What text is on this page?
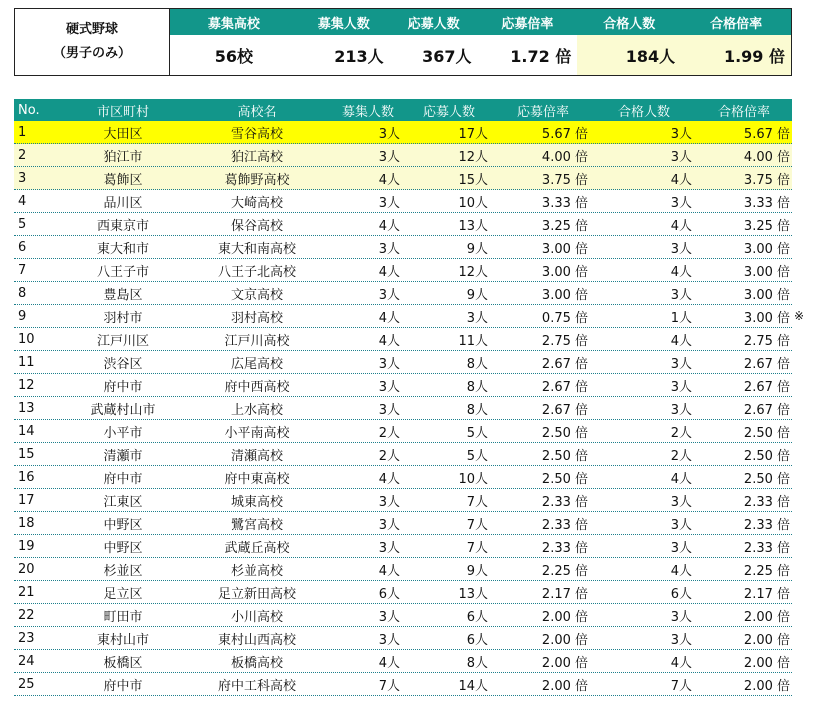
硬式野球
（男子のみ）
募集高校	募集人数	応募人数	応募倍率	合格人数	合格倍率
56校	213人	367人	1.72 倍	184人	1.99 倍
No.	市区町村	高校名	募集人数	応募人数	応募倍率	合格人数	合格倍率
1	大田区	雪谷高校	3人	17人	5.67 倍	3人	5.67 倍
2	狛江市	狛江高校	3人	12人	4.00 倍	3人	4.00 倍
3	葛飾区	葛飾野高校	4人	15人	3.75 倍	4人	3.75 倍
4	品川区	大崎高校	3人	10人	3.33 倍	3人	3.33 倍
5	西東京市	保谷高校	4人	13人	3.25 倍	4人	3.25 倍
6	東大和市	東大和南高校	3人	9人	3.00 倍	3人	3.00 倍
7	八王子市	八王子北高校	4人	12人	3.00 倍	4人	3.00 倍
8	豊島区	文京高校	3人	9人	3.00 倍	3人	3.00 倍
9	羽村市	羽村高校	4人	3人	0.75 倍	1人	3.00 倍
10	江戸川区	江戸川高校	4人	11人	2.75 倍	4人	2.75 倍
11	渋谷区	広尾高校	3人	8人	2.67 倍	3人	2.67 倍
12	府中市	府中西高校	3人	8人	2.67 倍	3人	2.67 倍
13	武蔵村山市	上水高校	3人	8人	2.67 倍	3人	2.67 倍
14	小平市	小平南高校	2人	5人	2.50 倍	2人	2.50 倍
15	清瀬市	清瀬高校	2人	5人	2.50 倍	2人	2.50 倍
16	府中市	府中東高校	4人	10人	2.50 倍	4人	2.50 倍
17	江東区	城東高校	3人	7人	2.33 倍	3人	2.33 倍
18	中野区	鷺宮高校	3人	7人	2.33 倍	3人	2.33 倍
19	中野区	武蔵丘高校	3人	7人	2.33 倍	3人	2.33 倍
20	杉並区	杉並高校	4人	9人	2.25 倍	4人	2.25 倍
21	足立区	足立新田高校	6人	13人	2.17 倍	6人	2.17 倍
22	町田市	小川高校	3人	6人	2.00 倍	3人	2.00 倍
23	東村山市	東村山西高校	3人	6人	2.00 倍	3人	2.00 倍
24	板橋区	板橋高校	4人	8人	2.00 倍	4人	2.00 倍
25	府中市	府中工科高校	7人	14人	2.00 倍	7人	2.00 倍
※
